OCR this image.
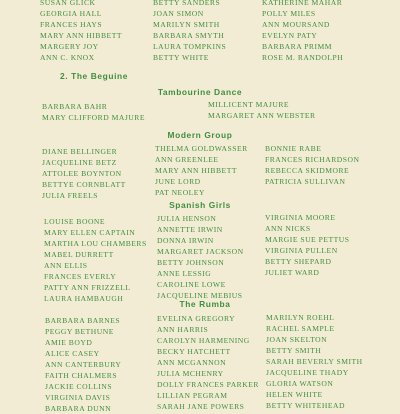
SUSAN GLICK
GEORGIA HALL
FRANCES HAYS
MARY ANN HIBBETT
MARGERY JOY
ANN C. KNOX
BETTY SANDERS
JOAN SIMON
MARILYN SMITH
BARBARA SMYTH
LAURA TOMPKINS
BETTY WHITE
KATHERINE MAHAR
POLLY MILES
ANN MOURSAND
EVELYN PATY
BARBARA PRIMM
ROSE M. RANDOLPH
2. The Beguine
BARBARA BAHR
MARY CLIFFORD MAJURE
Tambourine Dance
MILLICENT MAJURE
MARGARET ANN WEBSTER
Modern Group
DIANE BELLINGER
JACQUELINE BETZ
ATTOLEE BOYNTON
BETTYE CORNBLATT
JULIA FREELS
THELMA GOLDWASSER
ANN GREENLEE
MARY ANN HIBBETT
JUNE LORD
PAT NEOLEY
BONNIE RABE
FRANCES RICHARDSON
REBECCA SKIDMORE
PATRICIA SULLIVAN
Spanish Girls
LOUISE BOONE
MARY ELLEN CAPTAIN
MARTHA LOU CHAMBERS
MABEL DURRETT
ANN ELLIS
FRANCES EVERLY
PATTY ANN FRIZZELL
LAURA HAMBAUGH
JULIA HENSON
ANNETTE IRWIN
DONNA IRWIN
MARGARET JACKSON
BETTY JOHNSON
ANNE LESSIG
CAROLINE LOWE
JACQUELINE MEBIUS
VIRGINIA MOORE
ANN NICKS
MARGIE SUE PETTUS
VIRGINIA PULLEN
BETTY SHEPARD
JULIET WARD
The Rumba
BARBARA BARNES
PEGGY BETHUNE
AMIE BOYD
ALICE CASEY
ANN CANTERBURY
FAITH CHALMERS
JACKIE COLLINS
VIRGINIA DAVIS
BARBARA DUNN
EVELINA GREGORY
ANN HARRIS
CAROLYN HARMENING
BECKY HATCHETT
ANN MCGANNON
JULIA MCHENRY
DOLLY FRANCES PARKER
LILLIAN PEGRAM
SARAH JANE POWERS
MARILYN ROEHL
RACHEL SAMPLE
JOAN SKELTON
BETTY SMITH
SARAH BEVERLY SMITH
JACQUELINE THADY
GLORIA WATSON
HELEN WHITE
BETTY WHITEHEAD
